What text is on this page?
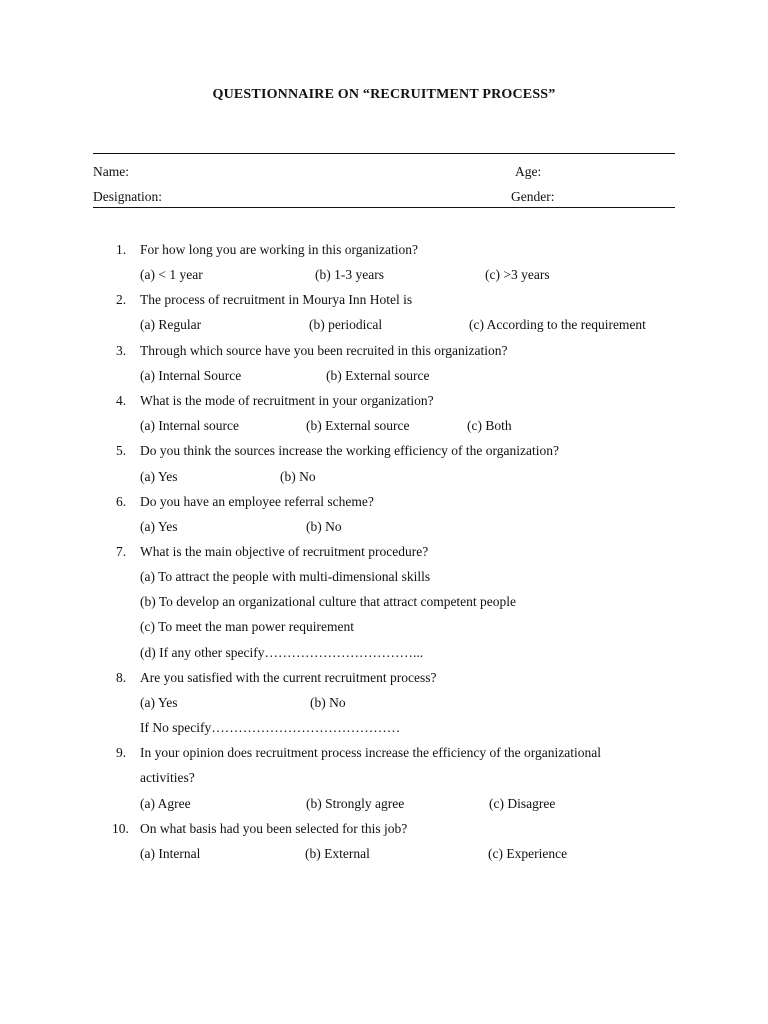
QUESTIONNAIRE ON “RECRUITMENT PROCESS”
Name:	Age:
Designation:	Gender:
1. For how long you are working in this organization?
(a) < 1 year	(b) 1-3 years	(c) >3 years
2. The process of recruitment in Mourya Inn Hotel is
(a) Regular	(b) periodical	(c) According to the requirement
3. Through which source have you been recruited in this organization?
(a) Internal Source	(b) External source
4. What is the mode of recruitment in your organization?
(a) Internal source	(b) External source	(c) Both
5. Do you think the sources increase the working efficiency of the organization?
(a) Yes	(b) No
6. Do you have an employee referral scheme?
(a) Yes	(b) No
7. What is the main objective of recruitment procedure?
(a) To attract the people with multi-dimensional skills
(b) To develop an organizational culture that attract competent people
(c) To meet the man power requirement
(d) If any other specify……………………………...
8. Are you satisfied with the current recruitment process?
(a) Yes	(b) No
If No specify……………………………………
9. In your opinion does recruitment process increase the efficiency of the organizational
activities?
(a) Agree	(b) Strongly agree	(c) Disagree
10. On what basis had you been selected for this job?
(a) Internal	(b) External	(c) Experience
